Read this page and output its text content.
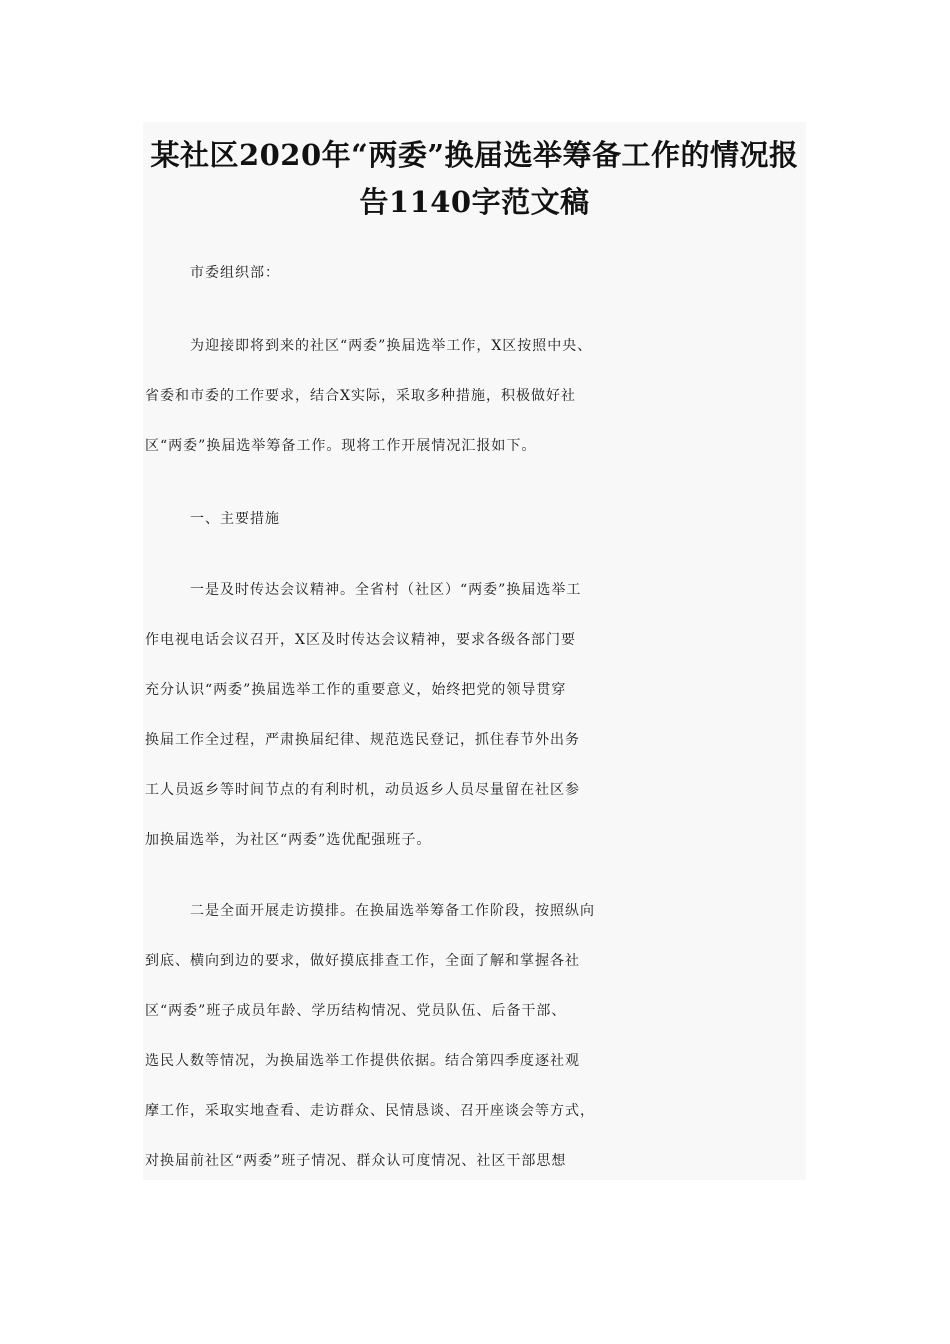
某社区2020年“两委”换届选举筹备工作的情况报
告1140字范文稿
市委组织部：
为迎接即将到来的社区“两委”换届选举工作，X区按照中央、
省委和市委的工作要求，结合X实际，采取多种措施，积极做好社
区“两委”换届选举筹备工作。现将工作开展情况汇报如下。
一、主要措施
一是及时传达会议精神。全省村（社区）“两委”换届选举工
作电视电话会议召开，X区及时传达会议精神，要求各级各部门要
充分认识“两委”换届选举工作的重要意义，始终把党的领导贯穿
换届工作全过程，严肃换届纪律、规范选民登记，抓住春节外出务
工人员返乡等时间节点的有利时机，动员返乡人员尽量留在社区参
加换届选举，为社区“两委”选优配强班子。
二是全面开展走访摸排。在换届选举筹备工作阶段，按照纵向
到底、横向到边的要求，做好摸底排查工作，全面了解和掌握各社
区“两委”班子成员年龄、学历结构情况、党员队伍、后备干部、
选民人数等情况，为换届选举工作提供依据。结合第四季度逐社观
摩工作，采取实地查看、走访群众、民情恳谈、召开座谈会等方式，
对换届前社区“两委”班子情况、群众认可度情况、社区干部思想
